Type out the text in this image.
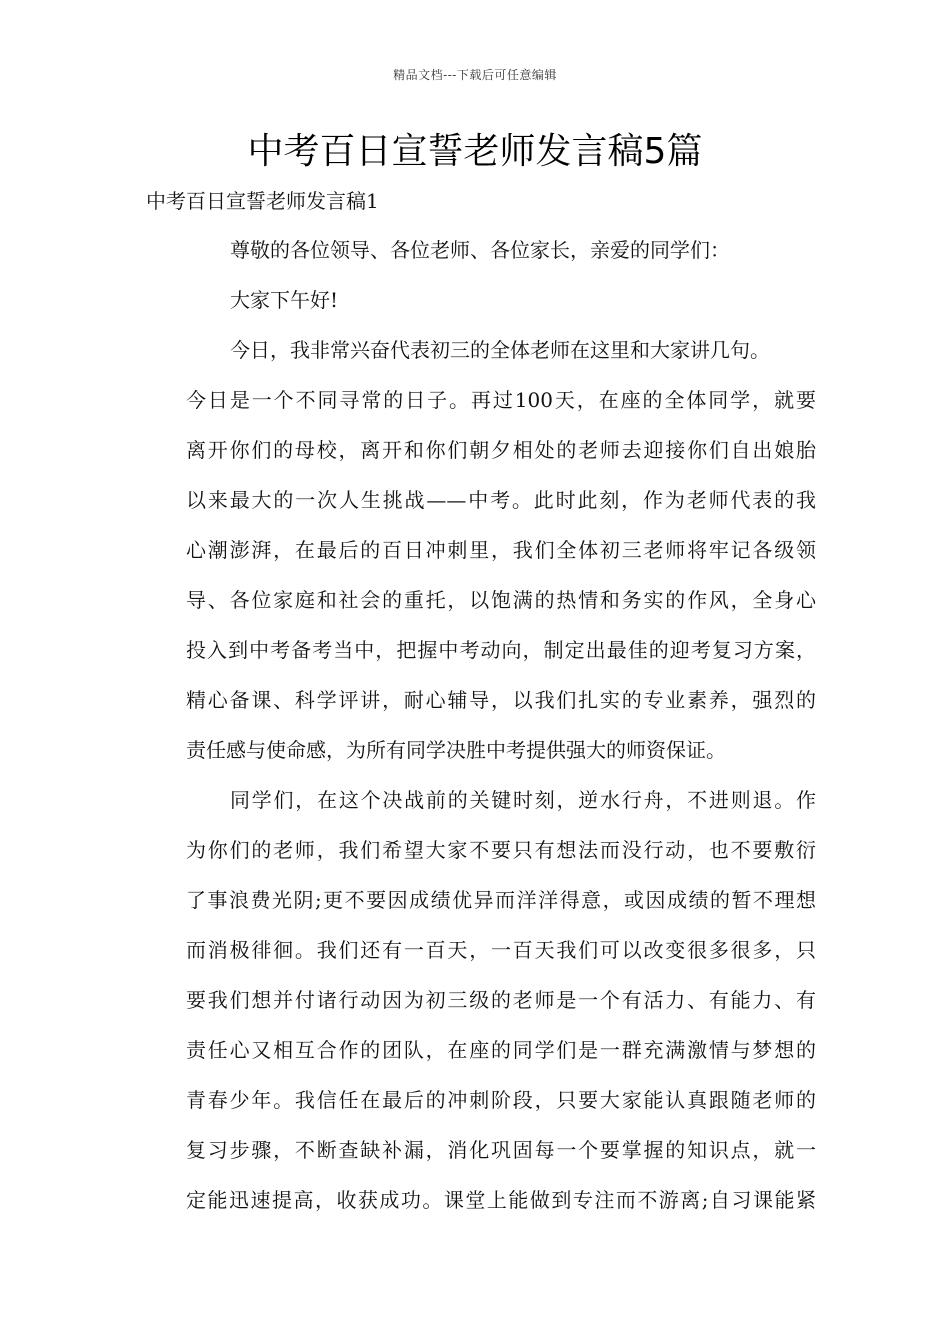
精品文档---下载后可任意编辑
中考百日宣誓老师发言稿5篇
中考百日宣誓老师发言稿1

尊敬的各位领导、各位老师、各位家长，亲爱的同学们：

大家下午好!

今日，我非常兴奋代表初三的全体老师在这里和大家讲几句。
今日是一个不同寻常的日子。再过100天，在座的全体同学，就要
离开你们的母校，离开和你们朝夕相处的老师去迎接你们自出娘胎
以来最大的一次人生挑战——中考。此时此刻，作为老师代表的我
心潮澎湃，在最后的百日冲刺里，我们全体初三老师将牢记各级领
导、各位家庭和社会的重托，以饱满的热情和务实的作风，全身心
投入到中考备考当中，把握中考动向，制定出最佳的迎考复习方案，
精心备课、科学评讲，耐心辅导，以我们扎实的专业素养，强烈的
责任感与使命感，为所有同学决胜中考提供强大的师资保证。

同学们，在这个决战前的关键时刻，逆水行舟，不进则退。作
为你们的老师，我们希望大家不要只有想法而没行动，也不要敷衍
了事浪费光阴;更不要因成绩优异而洋洋得意，或因成绩的暂不理想
而消极徘徊。我们还有一百天，一百天我们可以改变很多很多，只
要我们想并付诸行动因为初三级的老师是一个有活力、有能力、有
责任心又相互合作的团队，在座的同学们是一群充满激情与梦想的
青春少年。我信任在最后的冲刺阶段，只要大家能认真跟随老师的
复习步骤，不断查缺补漏，消化巩固每一个要掌握的知识点，就一
定能迅速提高，收获成功。课堂上能做到专注而不游离;自习课能紧
